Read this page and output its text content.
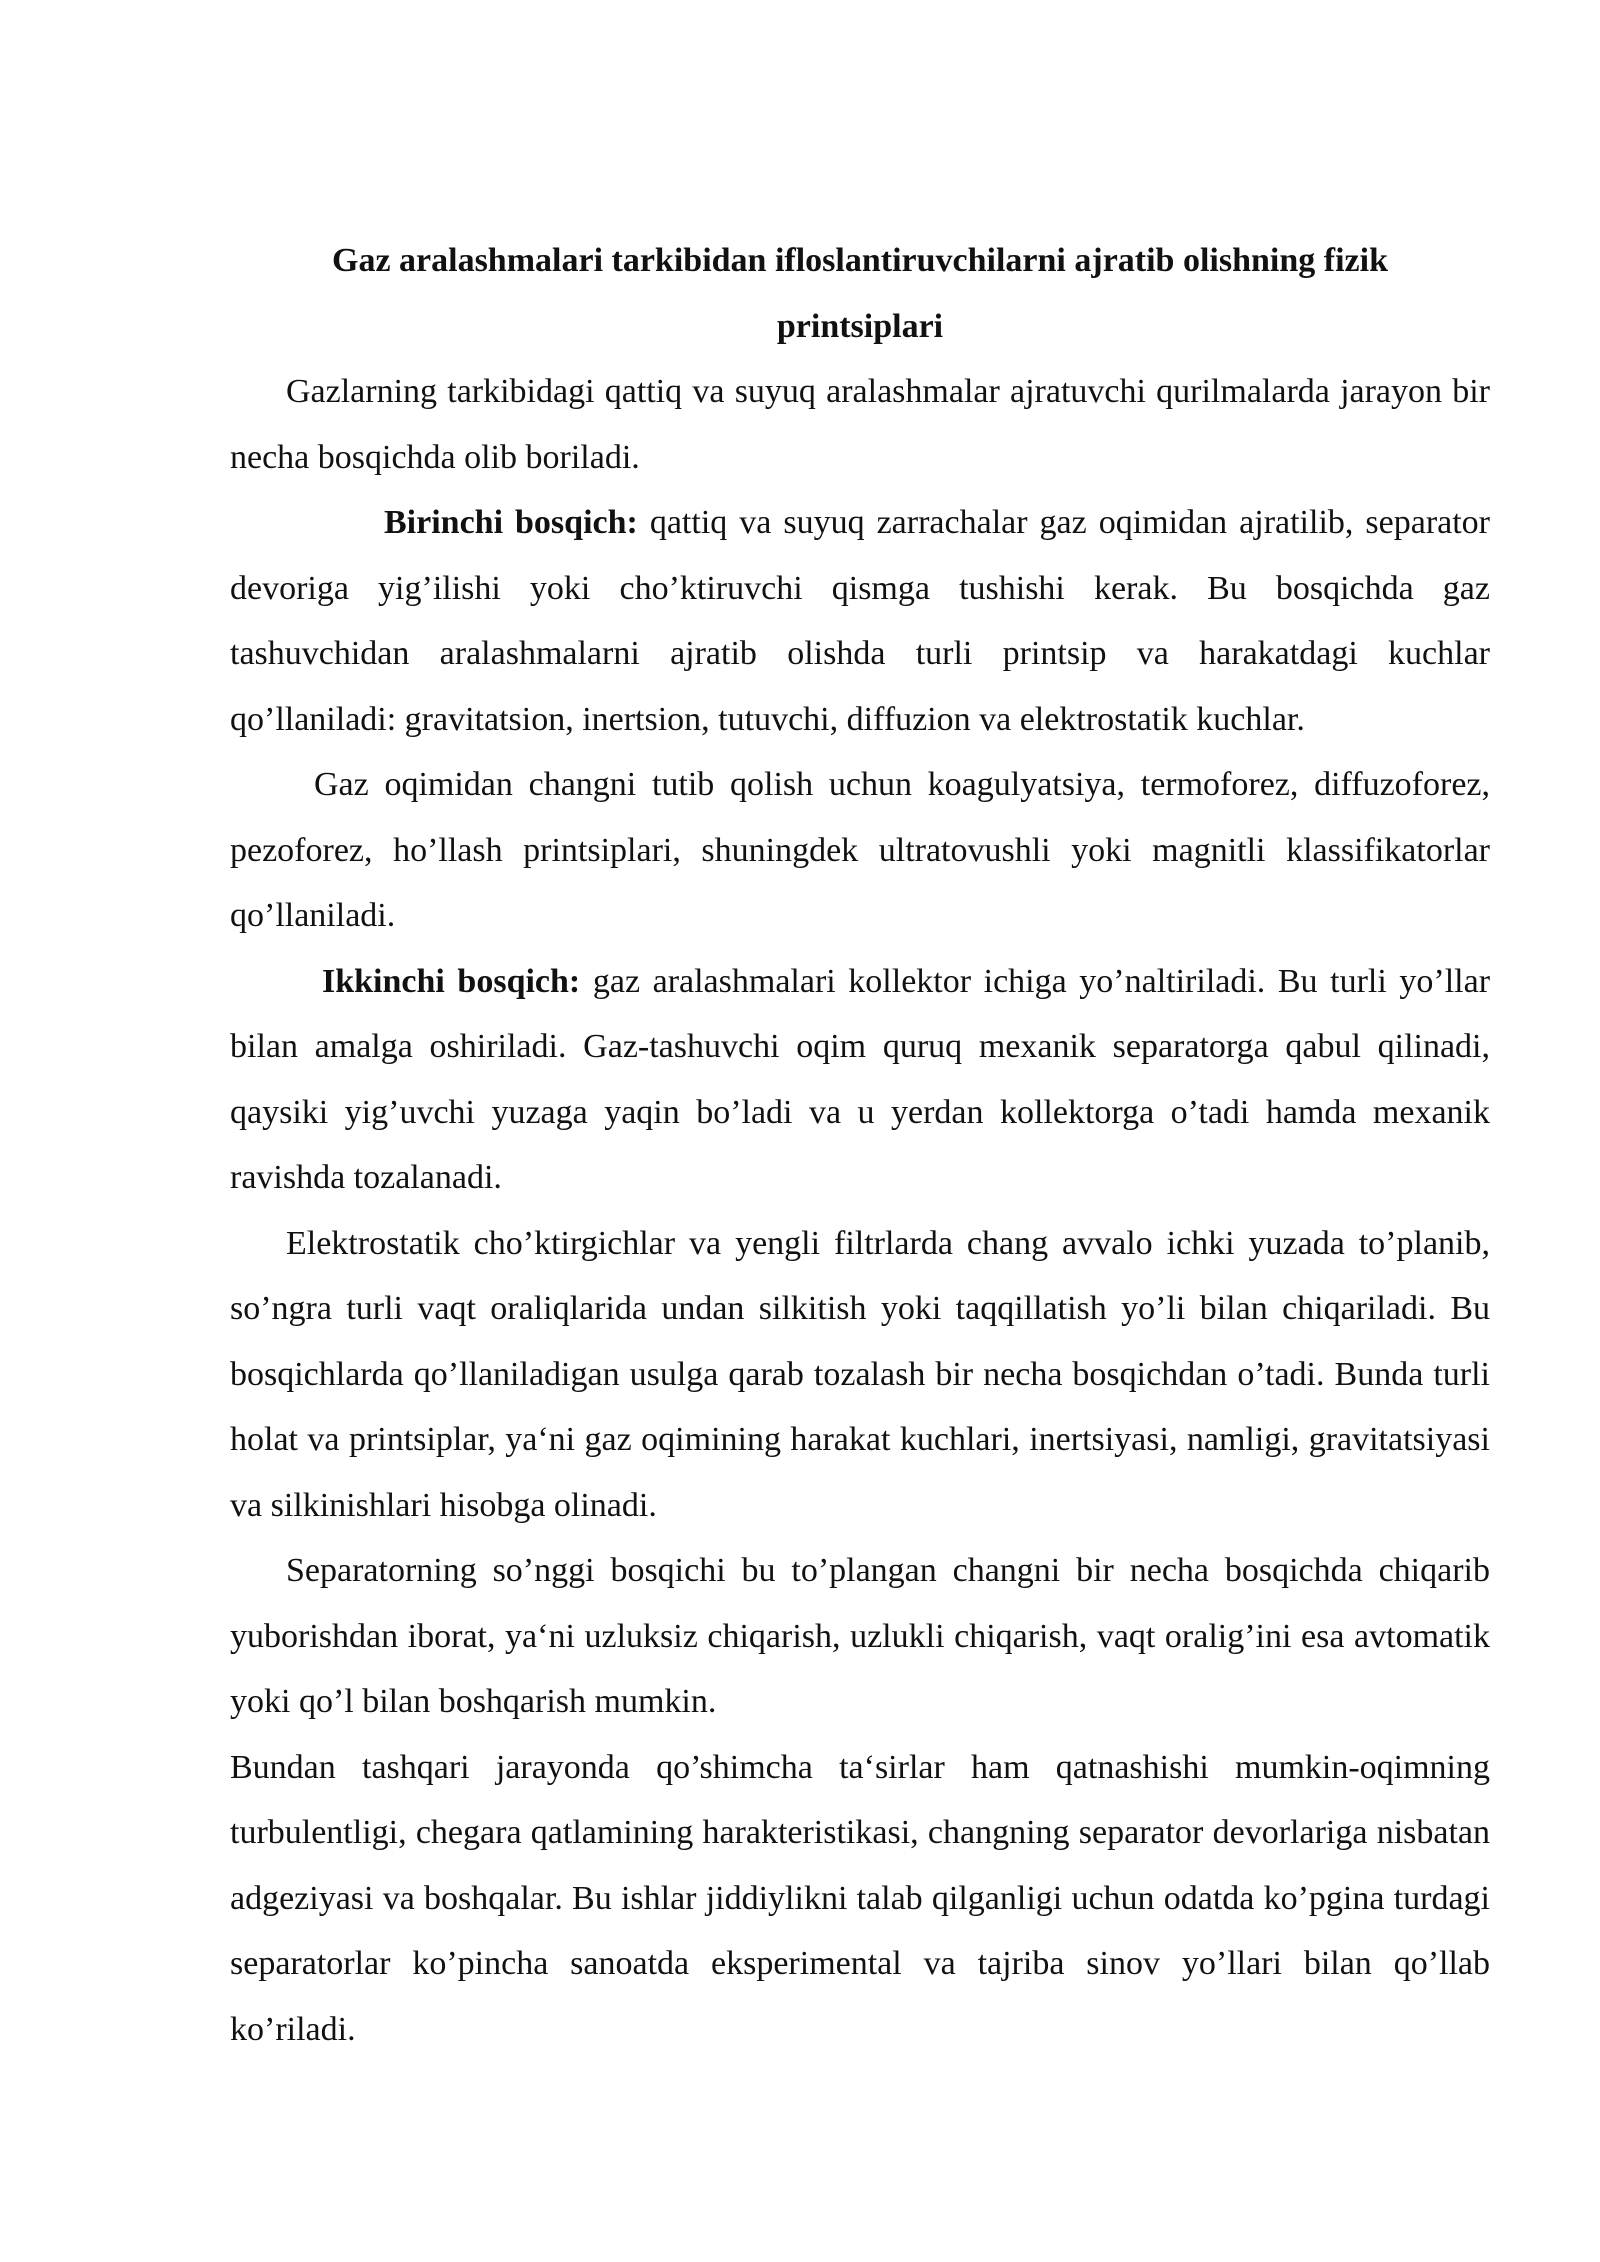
Gaz aralashmalari tarkibidan ifloslantiruvchilarni ajratib olishning fizik printsiplari

Gazlarning tarkibidagi qattiq va suyuq aralashmalar ajratuvchi qurilmalarda jarayon bir necha bosqichda olib boriladi.

Birinchi bosqich: qattiq va suyuq zarrachalar gaz oqimidan ajratilib, separator devoriga yig’ilishi yoki cho’ktiruvchi qismga tushishi kerak. Bu bosqichda gaz tashuvchidan aralashmalarni ajratib olishda turli printsip va harakatdagi kuchlar qo’llaniladi: gravitatsion, inertsion, tutuvchi, diffuzion va elektrostatik kuchlar.

Gaz oqimidan changni tutib qolish uchun koagulyatsiya, termoforez, diffuzoforez, pezoforez, ho’llash printsiplari, shuningdek ultratovushli yoki magnitli klassifikatorlar qo’llaniladi.

Ikkinchi bosqich: gaz aralashmalari kollektor ichiga yo’naltiriladi. Bu turli yo’llar bilan amalga oshiriladi. Gaz-tashuvchi oqim quruq mexanik separatorga qabul qilinadi, qaysiki yig’uvchi yuzaga yaqin bo’ladi va u yerdan kollektorga o’tadi hamda mexanik ravishda tozalanadi.

Elektrostatik cho’ktirgichlar va yengli filtrlarda chang avvalo ichki yuzada to’planib, so’ngra turli vaqt oraliqlarida undan silkitish yoki taqqillatish yo’li bilan chiqariladi. Bu bosqichlarda qo’llaniladigan usulga qarab tozalash bir necha bosqichdan o’tadi. Bunda turli holat va printsiplar, ya‘ni gaz oqimining harakat kuchlari, inertsiyasi, namligi, gravitatsiyasi va silkinishlari hisobga olinadi.

Separatorning so’nggi bosqichi bu to’plangan changni bir necha bosqichda chiqarib yuborishdan iborat, ya‘ni uzluksiz chiqarish, uzlukli chiqarish, vaqt oralig’ini esa avtomatik yoki qo’l bilan boshqarish mumkin.

Bundan tashqari jarayonda qo’shimcha ta‘sirlar ham qatnashishi mumkin-oqimning turbulentligi, chegara qatlamining harakteristikasi, changning separator devorlariga nisbatan adgeziyasi va boshqalar. Bu ishlar jiddiylikni talab qilganligi uchun odatda ko’pgina turdagi separatorlar ko’pincha sanoatda eksperimental va tajriba sinov yo’llari bilan qo’llab ko’riladi.
